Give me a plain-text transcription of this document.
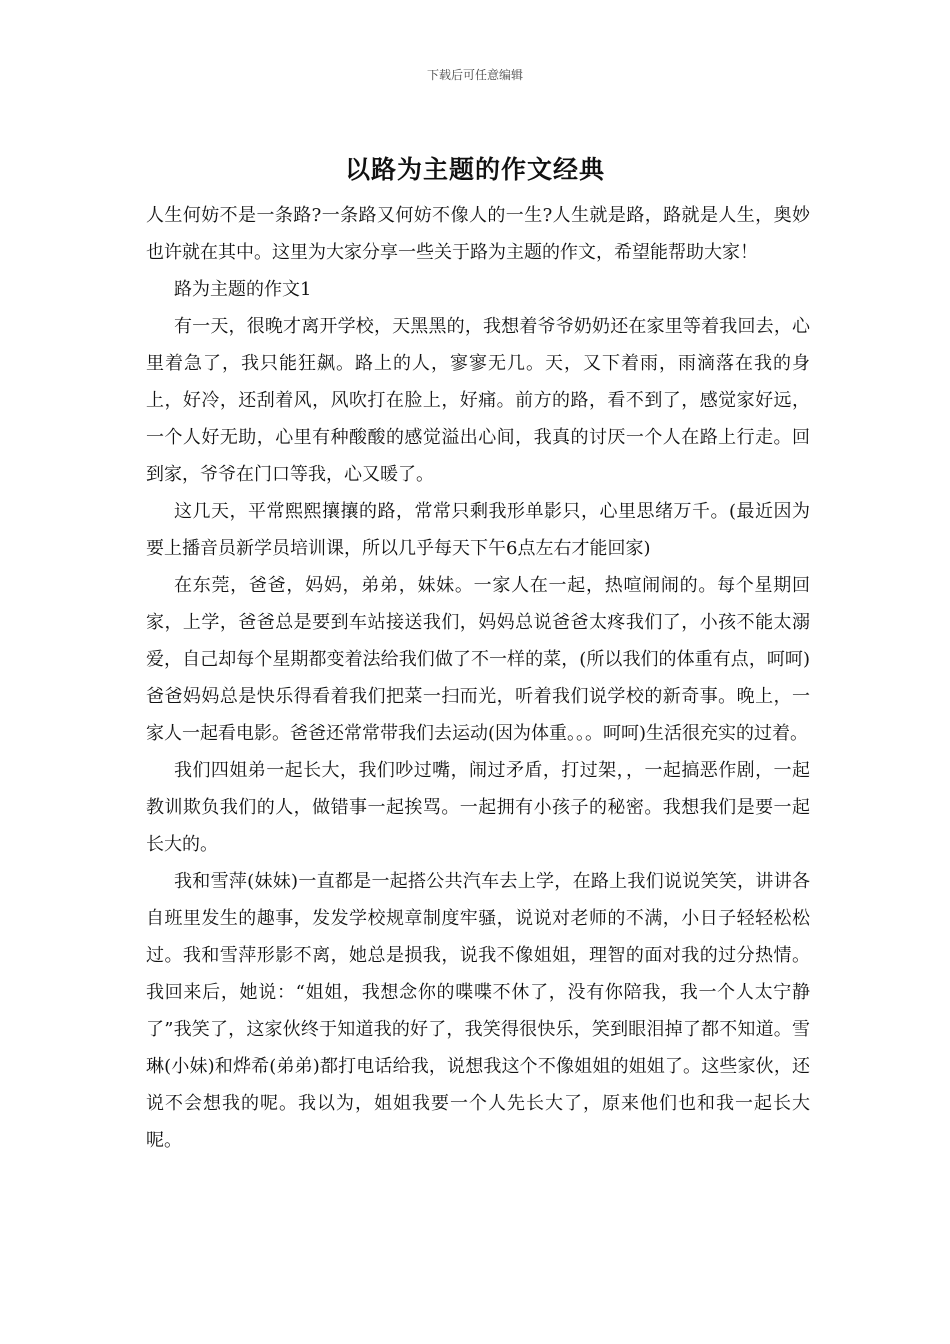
下载后可任意编辑
以路为主题的作文经典

人生何妨不是一条路?一条路又何妨不像人的一生?人生就是路，路就是人生，奥妙也许就在其中。这里为大家分享一些关于路为主题的作文，希望能帮助大家！

路为主题的作文1

有一天，很晚才离开学校，天黑黑的，我想着爷爷奶奶还在家里等着我回去，心里着急了，我只能狂飙。路上的人，寥寥无几。天，又下着雨，雨滴落在我的身上，好冷，还刮着风，风吹打在脸上，好痛。前方的路，看不到了，感觉家好远，一个人好无助，心里有种酸酸的感觉溢出心间，我真的讨厌一个人在路上行走。回到家，爷爷在门口等我，心又暖了。

这几天，平常熙熙攘攘的路，常常只剩我形单影只，心里思绪万千。(最近因为要上播音员新学员培训课，所以几乎每天下午6点左右才能回家)

在东莞，爸爸，妈妈，弟弟，妹妹。一家人在一起，热喧闹闹的。每个星期回家，上学，爸爸总是要到车站接送我们，妈妈总说爸爸太疼我们了，小孩不能太溺爱，自己却每个星期都变着法给我们做了不一样的菜，(所以我们的体重有点，呵呵)爸爸妈妈总是快乐得看着我们把菜一扫而光，听着我们说学校的新奇事。晚上，一家人一起看电影。爸爸还常常带我们去运动(因为体重。。。呵呵)生活很充实的过着。

我们四姐弟一起长大，我们吵过嘴，闹过矛盾，打过架，，一起搞恶作剧，一起教训欺负我们的人，做错事一起挨骂。一起拥有小孩子的秘密。我想我们是要一起长大的。

我和雪萍(妹妹)一直都是一起搭公共汽车去上学，在路上我们说说笑笑，讲讲各自班里发生的趣事，发发学校规章制度牢骚，说说对老师的不满，小日子轻轻松松过。我和雪萍形影不离，她总是损我，说我不像姐姐，理智的面对我的过分热情。我回来后，她说：“姐姐，我想念你的喋喋不休了，没有你陪我，我一个人太宁静了”我笑了，这家伙终于知道我的好了，我笑得很快乐，笑到眼泪掉了都不知道。雪琳(小妹)和烨希(弟弟)都打电话给我，说想我这个不像姐姐的姐姐了。这些家伙，还说不会想我的呢。我以为，姐姐我要一个人先长大了，原来他们也和我一起长大呢。
